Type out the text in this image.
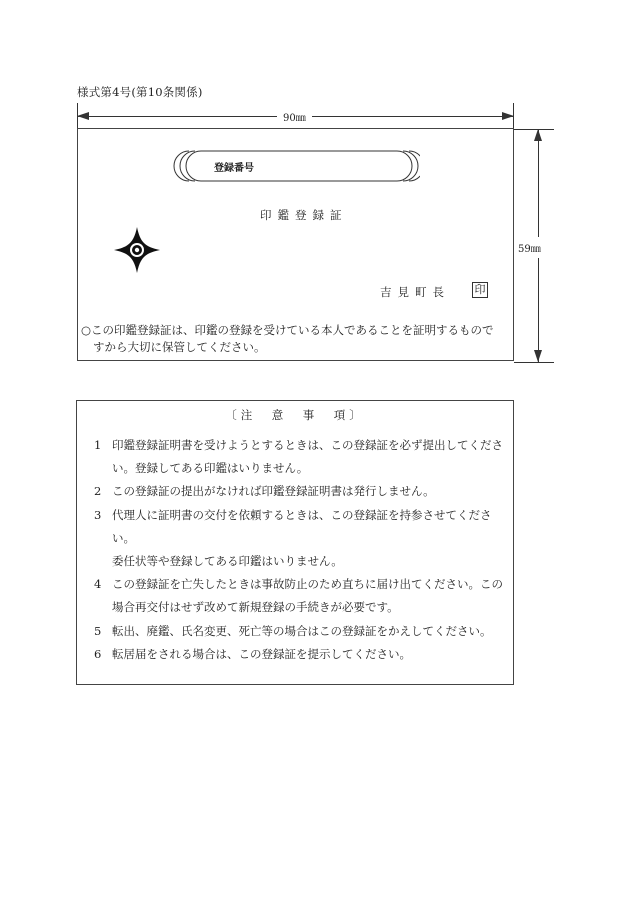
様式第4号(第10条関係)
90㎜
59㎜
登録番号
印鑑登録証
吉見町長 印
○この印鑑登録証は、印鑑の登録を受けている本人であることを証明するもので
すから大切に保管してください。
〔注　意　事　項〕
1 印鑑登録証明書を受けようとするときは、この登録証を必ず提出してください。登録してある印鑑はいりません。
2 この登録証の提出がなければ印鑑登録証明書は発行しません。
3 代理人に証明書の交付を依頼するときは、この登録証を持参させてください。
委任状等や登録してある印鑑はいりません。
4 この登録証を亡失したときは事故防止のため直ちに届け出てください。この場合再交付はせず改めて新規登録の手続きが必要です。
5 転出、廃鑑、氏名変更、死亡等の場合はこの登録証をかえしてください。
6 転居届をされる場合は、この登録証を提示してください。
